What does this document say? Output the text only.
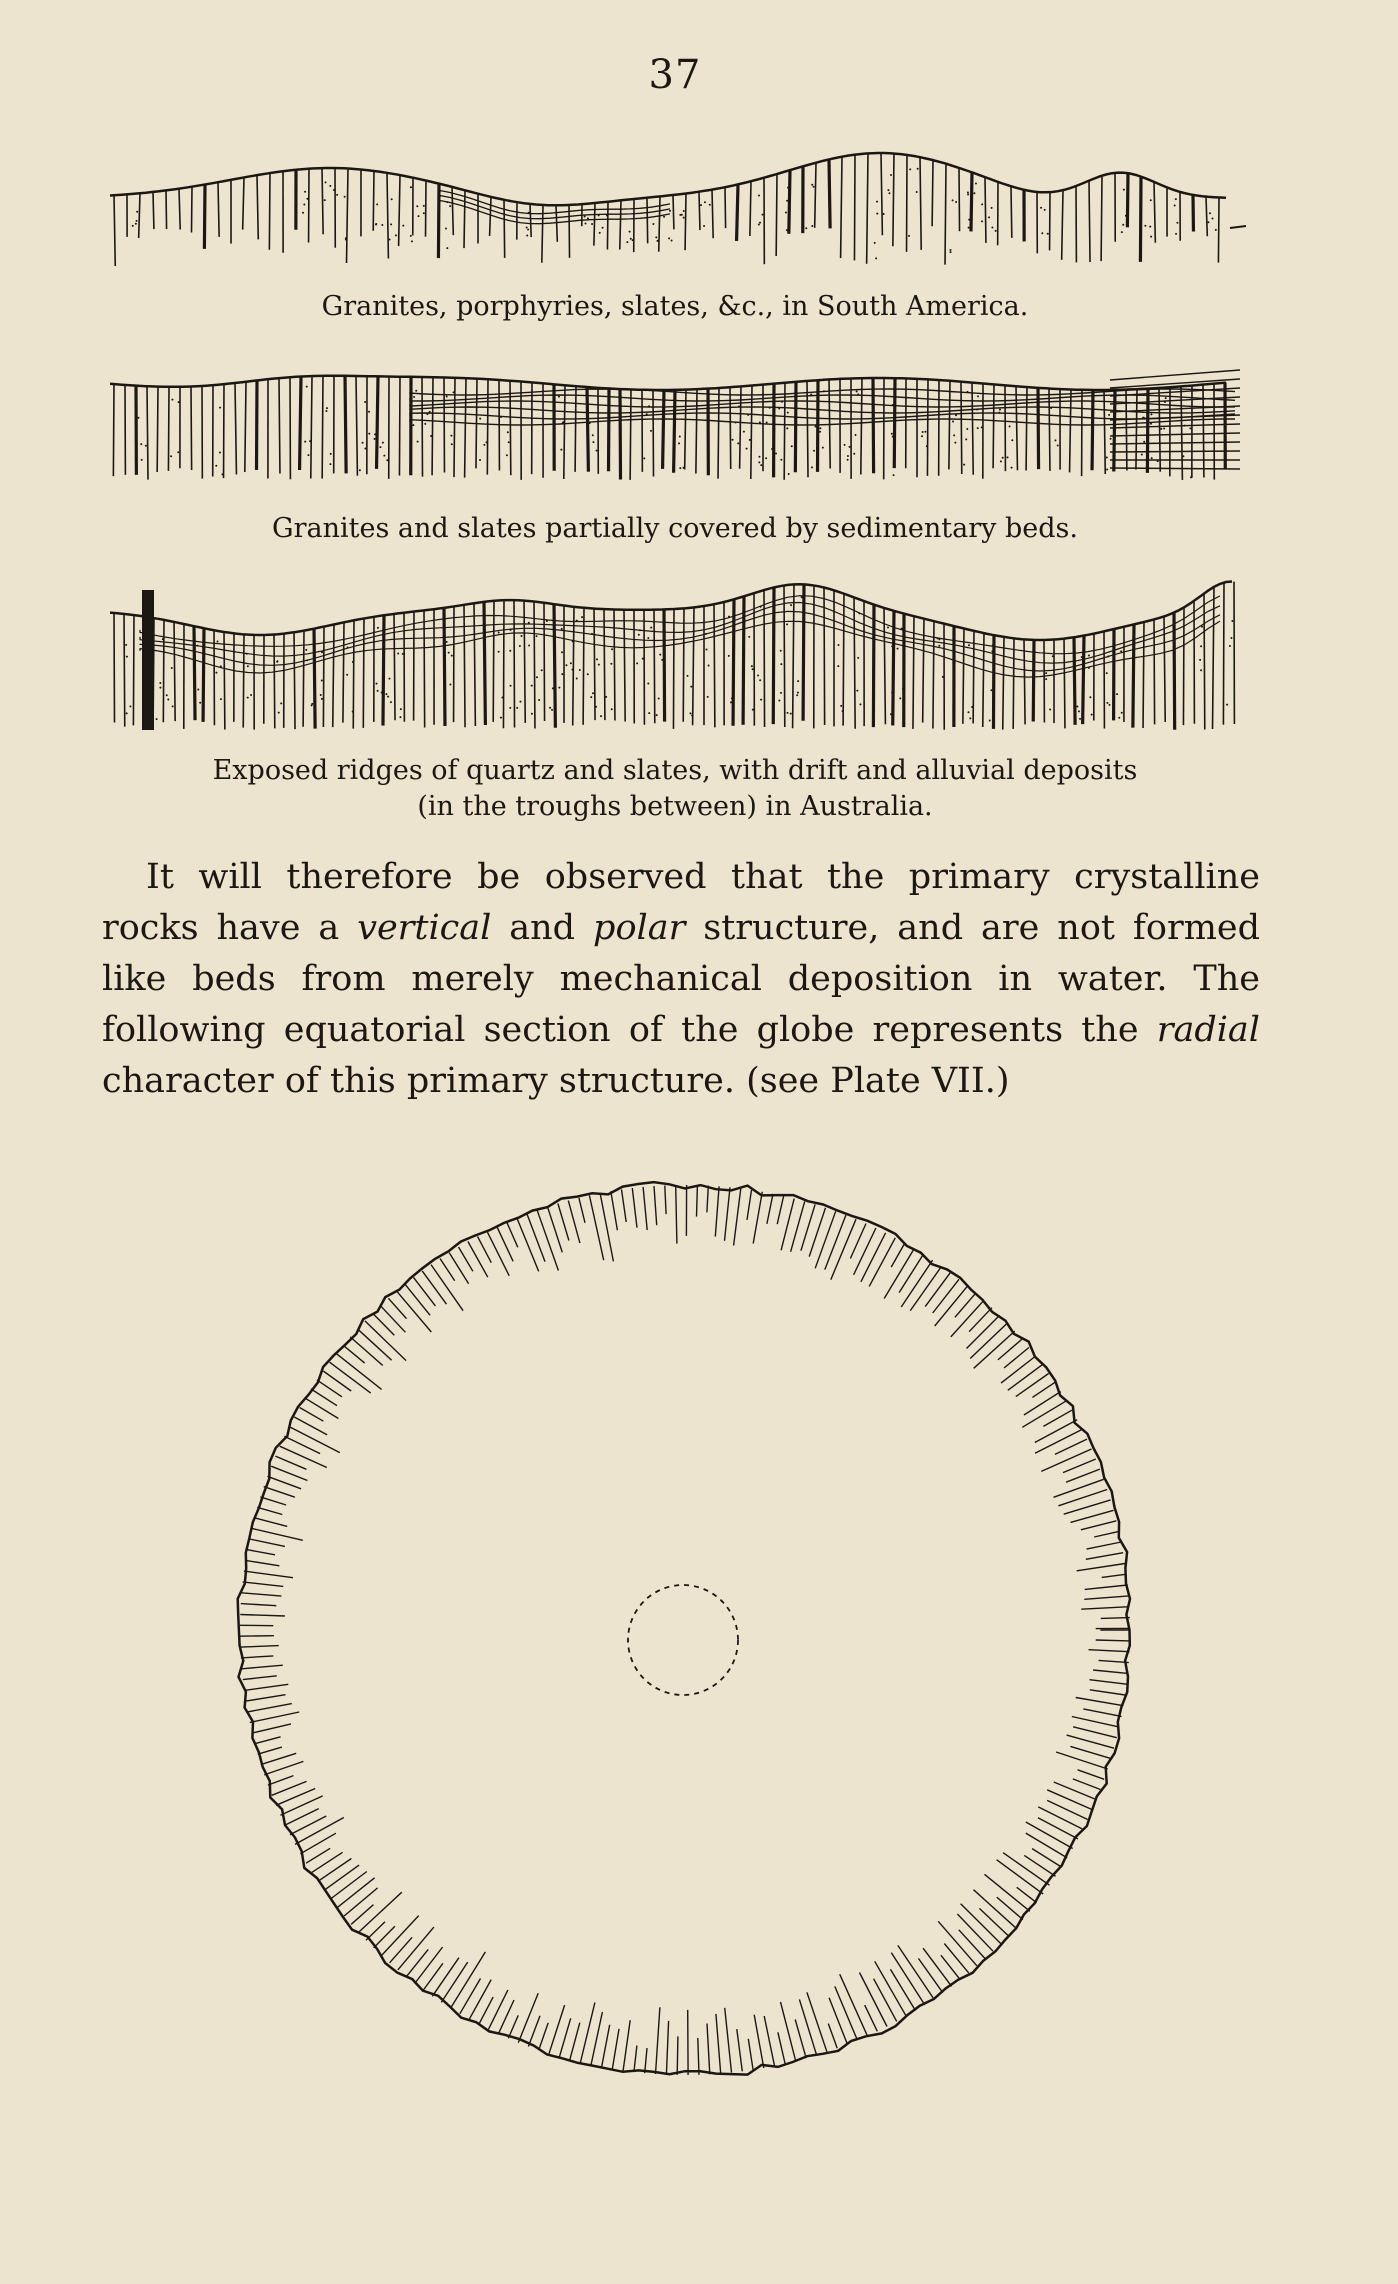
37
Granites, porphyries, slates, &c., in South America.
Granites and slates partially covered by sedimentary beds.
Exposed ridges of quartz and slates, with drift and alluvial deposits
(in the troughs between) in Australia.

It will therefore be observed that the primary crystalline rocks have a vertical and polar structure, and are not formed like beds from merely mechanical deposition in water. The following equatorial section of the globe represents the radial character of this primary structure. (see Plate VII.)
